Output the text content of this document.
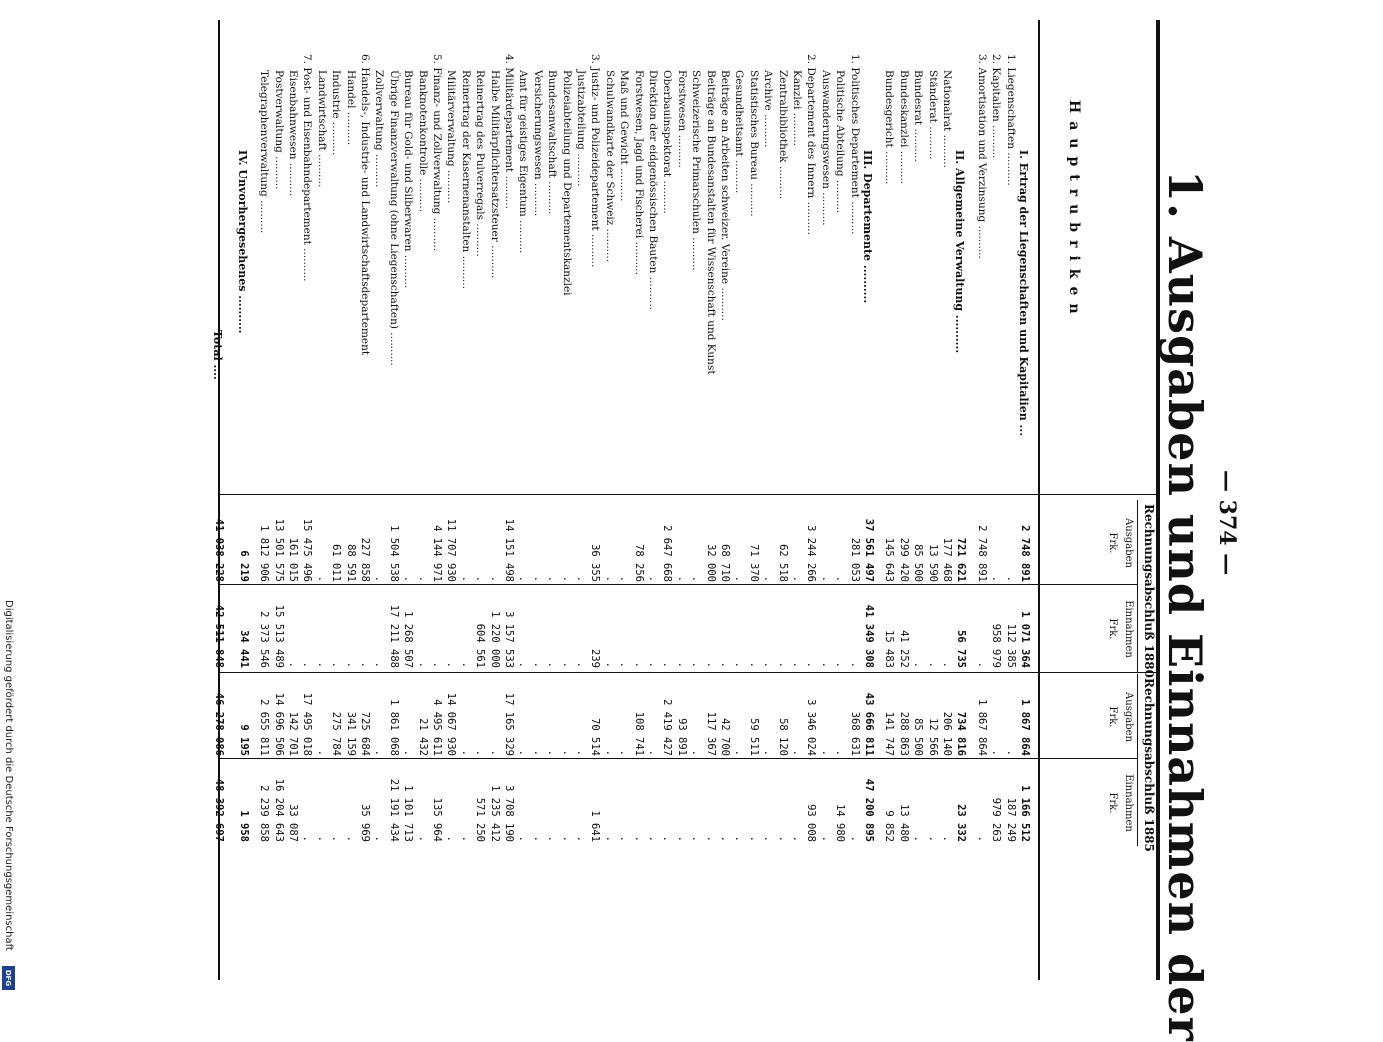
— 374 —
1. Ausgaben und Einnahmen der
Hauptrubriken
Rechnungsabschluß 1880
Ausgaben
Frk.
Einnahmen
Frk.
Rechnungsabschluß 1885
Ausgaben
Frk.
Einnahmen
Frk.
I. Ertrag der Liegenschaften und Kapitalien ...
2 748 891
1 071 364
1 867 864
1 166 512
1. Liegenschaften ..........
.
112 385
.
187 249
2. Kapitalien ..........
.
958 979
.
979 263
3. Amortisation und Verzinsung ..........
2 748 891
.
1 867 864
.
II. Allgemeine Verwaltung ..........
721 621
56 735
734 816
23 332
Nationalrat ..........
177 468
.
206 140
.
Ständerat ..........
13 590
.
12 566
.
Bundesrat ..........
85 500
.
85 500
.
Bundeskanzlei ..........
299 420
41 252
288 863
13 480
Bundesgericht ..........
145 643
15 483
141 747
9 852
III. Departemente ..........
37 561 497
41 349 308
43 666 811
47 200 895
1. Politisches Departement ..........
281 053
.
368 631
.
Politische Abteilung ..........
.
.
.
14 980
Auswanderungswesen ..........
.
.
.
.
2. Departement des Innern ..........
3 244 266
.
3 346 024
93 008
Kanzlei ..........
.
.
.
.
Zentralbibliothek ..........
62 518
.
58 120
.
Archive ..........
.
.
.
.
Statistisches Bureau ..........
71 370
.
59 511
.
Gesundheitsamt ..........
.
.
.
.
Beiträge an Arbeiten schweizer. Vereine ..........
68 710
.
42 700
.
Beiträge an Bundesanstalten für Wissenschaft und Kunst
32 000
.
117 367
.
Schweizerische Primarschulen ..........
.
.
.
.
Forstwesen ..........
.
.
93 891
.
Oberbauinspektorat ..........
2 647 668
.
2 419 427
.
Direktion der eidgenössischen Bauten ..........
.
.
.
.
Forstwesen, Jagd und Fischerei ..........
78 256
.
108 741
.
Maß und Gewicht ..........
.
.
.
.
Schulwandkarte der Schweiz ..........
.
.
.
.
3. Justiz- und Polizeidepartement ..........
36 355
239
70 514
1 641
Justizabteilung ..........
.
.
.
.
Polizeiabteilung und Departementskanzlei
.
.
.
.
Bundesanwaltschaft ..........
.
.
.
.
Versicherungswesen ..........
.
.
.
.
Amt für geistiges Eigentum ..........
.
.
.
.
4. Militärdepartement ..........
14 151 498
3 157 533
17 165 329
3 708 190
Halbe Militärpflichtersatzsteuer ..........
.
1 220 000
.
1 235 412
Reinertrag des Pulverregals ..........
.
604 561
.
571 250
Reinertrag der Kasernenanstalten ..........
.
.
.
.
Militärverwaltung ..........
11 707 930
.
14 067 930
.
5. Finanz- und Zollverwaltung ..........
4 144 971
.
4 495 611
135 964
Banknotenkontrolle ..........
.
.
21 432
.
Bureau für Gold- und Silberwaren ..........
.
1 268 507
.
1 101 713
Übrige Finanzverwaltung (ohne Liegenschaften) ..........
1 504 538
17 211 488
1 861 068
21 191 434
Zollverwaltung ..........
.
.
.
.
6. Handels-, Industrie- und Landwirtschaftsdepartement
227 858
.
725 684
35 969
Handel ..........
88 591
.
341 159
.
Industrie ..........
61 011
.
275 784
.
Landwirtschaft ..........
.
.
.
.
7. Post- und Eisenbahndepartement ..........
15 475 496
.
17 495 018
.
Eisenbahnwesen ..........
161 015
.
142 701
33 087
Postverwaltung ..........
13 501 575
15 513 489
14 696 506
16 204 643
Telegraphenverwaltung ..........
1 812 906
2 373 546
2 655 811
2 239 858
IV. Unvorhergesehenes ..........
6 219
34 441
9 195
1 958
Total ....
41 038 228
42 511 848
46 278 086
48 392 697
Digitalisierung gefördert durch die Deutsche Forschungsgemeinschaft
DFG
